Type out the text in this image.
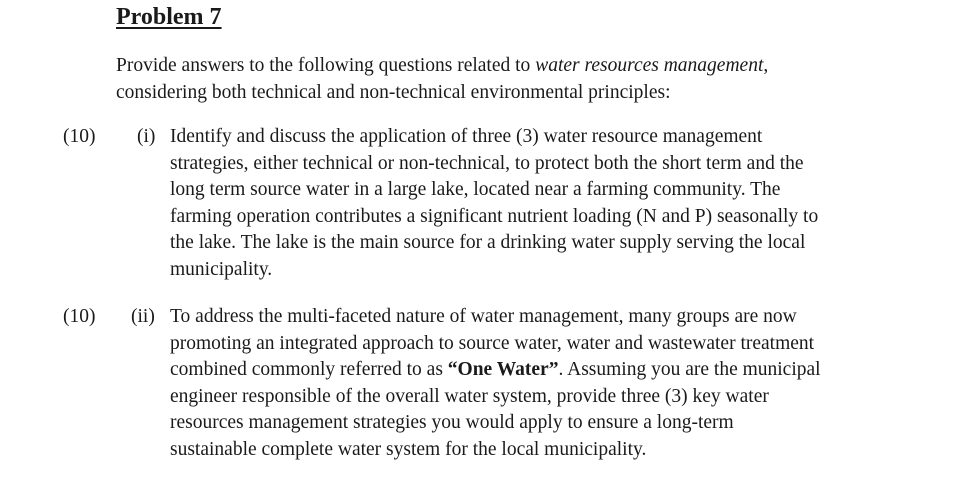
Problem 7
Provide answers to the following questions related to water resources management,
considering both technical and non-technical environmental principles:
(10) (i) Identify and discuss the application of three (3) water resource management
strategies, either technical or non-technical, to protect both the short term and the
long term source water in a large lake, located near a farming community. The
farming operation contributes a significant nutrient loading (N and P) seasonally to
the lake. The lake is the main source for a drinking water supply serving the local
municipality.
(10) (ii) To address the multi-faceted nature of water management, many groups are now
promoting an integrated approach to source water, water and wastewater treatment
combined commonly referred to as “One Water”. Assuming you are the municipal
engineer responsible of the overall water system, provide three (3) key water
resources management strategies you would apply to ensure a long-term
sustainable complete water system for the local municipality.
